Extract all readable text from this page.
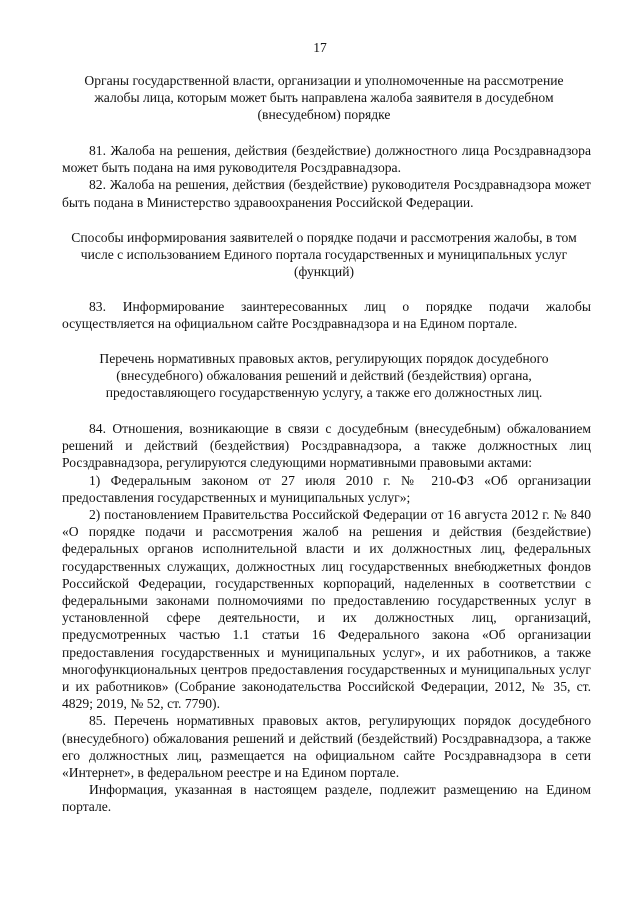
17
Органы государственной власти, организации и уполномоченные на рассмотрение жалобы лица, которым может быть направлена жалоба заявителя в досудебном (внесудебном) порядке

81. Жалоба на решения, действия (бездействие) должностного лица Росздравнадзора может быть подана на имя руководителя Росздравнадзора.

82. Жалоба на решения, действия (бездействие) руководителя Росздравнадзора может быть подана в Министерство здравоохранения Российской Федерации.

Способы информирования заявителей о порядке подачи и рассмотрения жалобы, в том числе с использованием Единого портала государственных и муниципальных услуг (функций)

83. Информирование заинтересованных лиц о порядке подачи жалобы осуществляется на официальном сайте Росздравнадзора и на Едином портале.

Перечень нормативных правовых актов, регулирующих порядок досудебного (внесудебного) обжалования решений и действий (бездействия) органа, предоставляющего государственную услугу, а также его должностных лиц.

84. Отношения, возникающие в связи с досудебным (внесудебным) обжалованием решений и действий (бездействия) Росздравнадзора, а также должностных лиц Росздравнадзора, регулируются следующими нормативными правовыми актами:

1) Федеральным законом от 27 июля 2010 г. № 210-ФЗ «Об организации предоставления государственных и муниципальных услуг»;

2) постановлением Правительства Российской Федерации от 16 августа 2012 г. № 840 «О порядке подачи и рассмотрения жалоб на решения и действия (бездействие) федеральных органов исполнительной власти и их должностных лиц, федеральных государственных служащих, должностных лиц государственных внебюджетных фондов Российской Федерации, государственных корпораций, наделенных в соответствии с федеральными законами полномочиями по предоставлению государственных услуг в установленной сфере деятельности, и их должностных лиц, организаций, предусмотренных частью 1.1 статьи 16 Федерального закона «Об организации предоставления государственных и муниципальных услуг», и их работников, а также многофункциональных центров предоставления государственных и муниципальных услуг и их работников» (Собрание законодательства Российской Федерации, 2012, № 35, ст. 4829; 2019, № 52, ст. 7790).

85. Перечень нормативных правовых актов, регулирующих порядок досудебного (внесудебного) обжалования решений и действий (бездействий) Росздравнадзора, а также его должностных лиц, размещается на официальном сайте Росздравнадзора в сети «Интернет», в федеральном реестре и на Едином портале.

Информация, указанная в настоящем разделе, подлежит размещению на Едином портале.
